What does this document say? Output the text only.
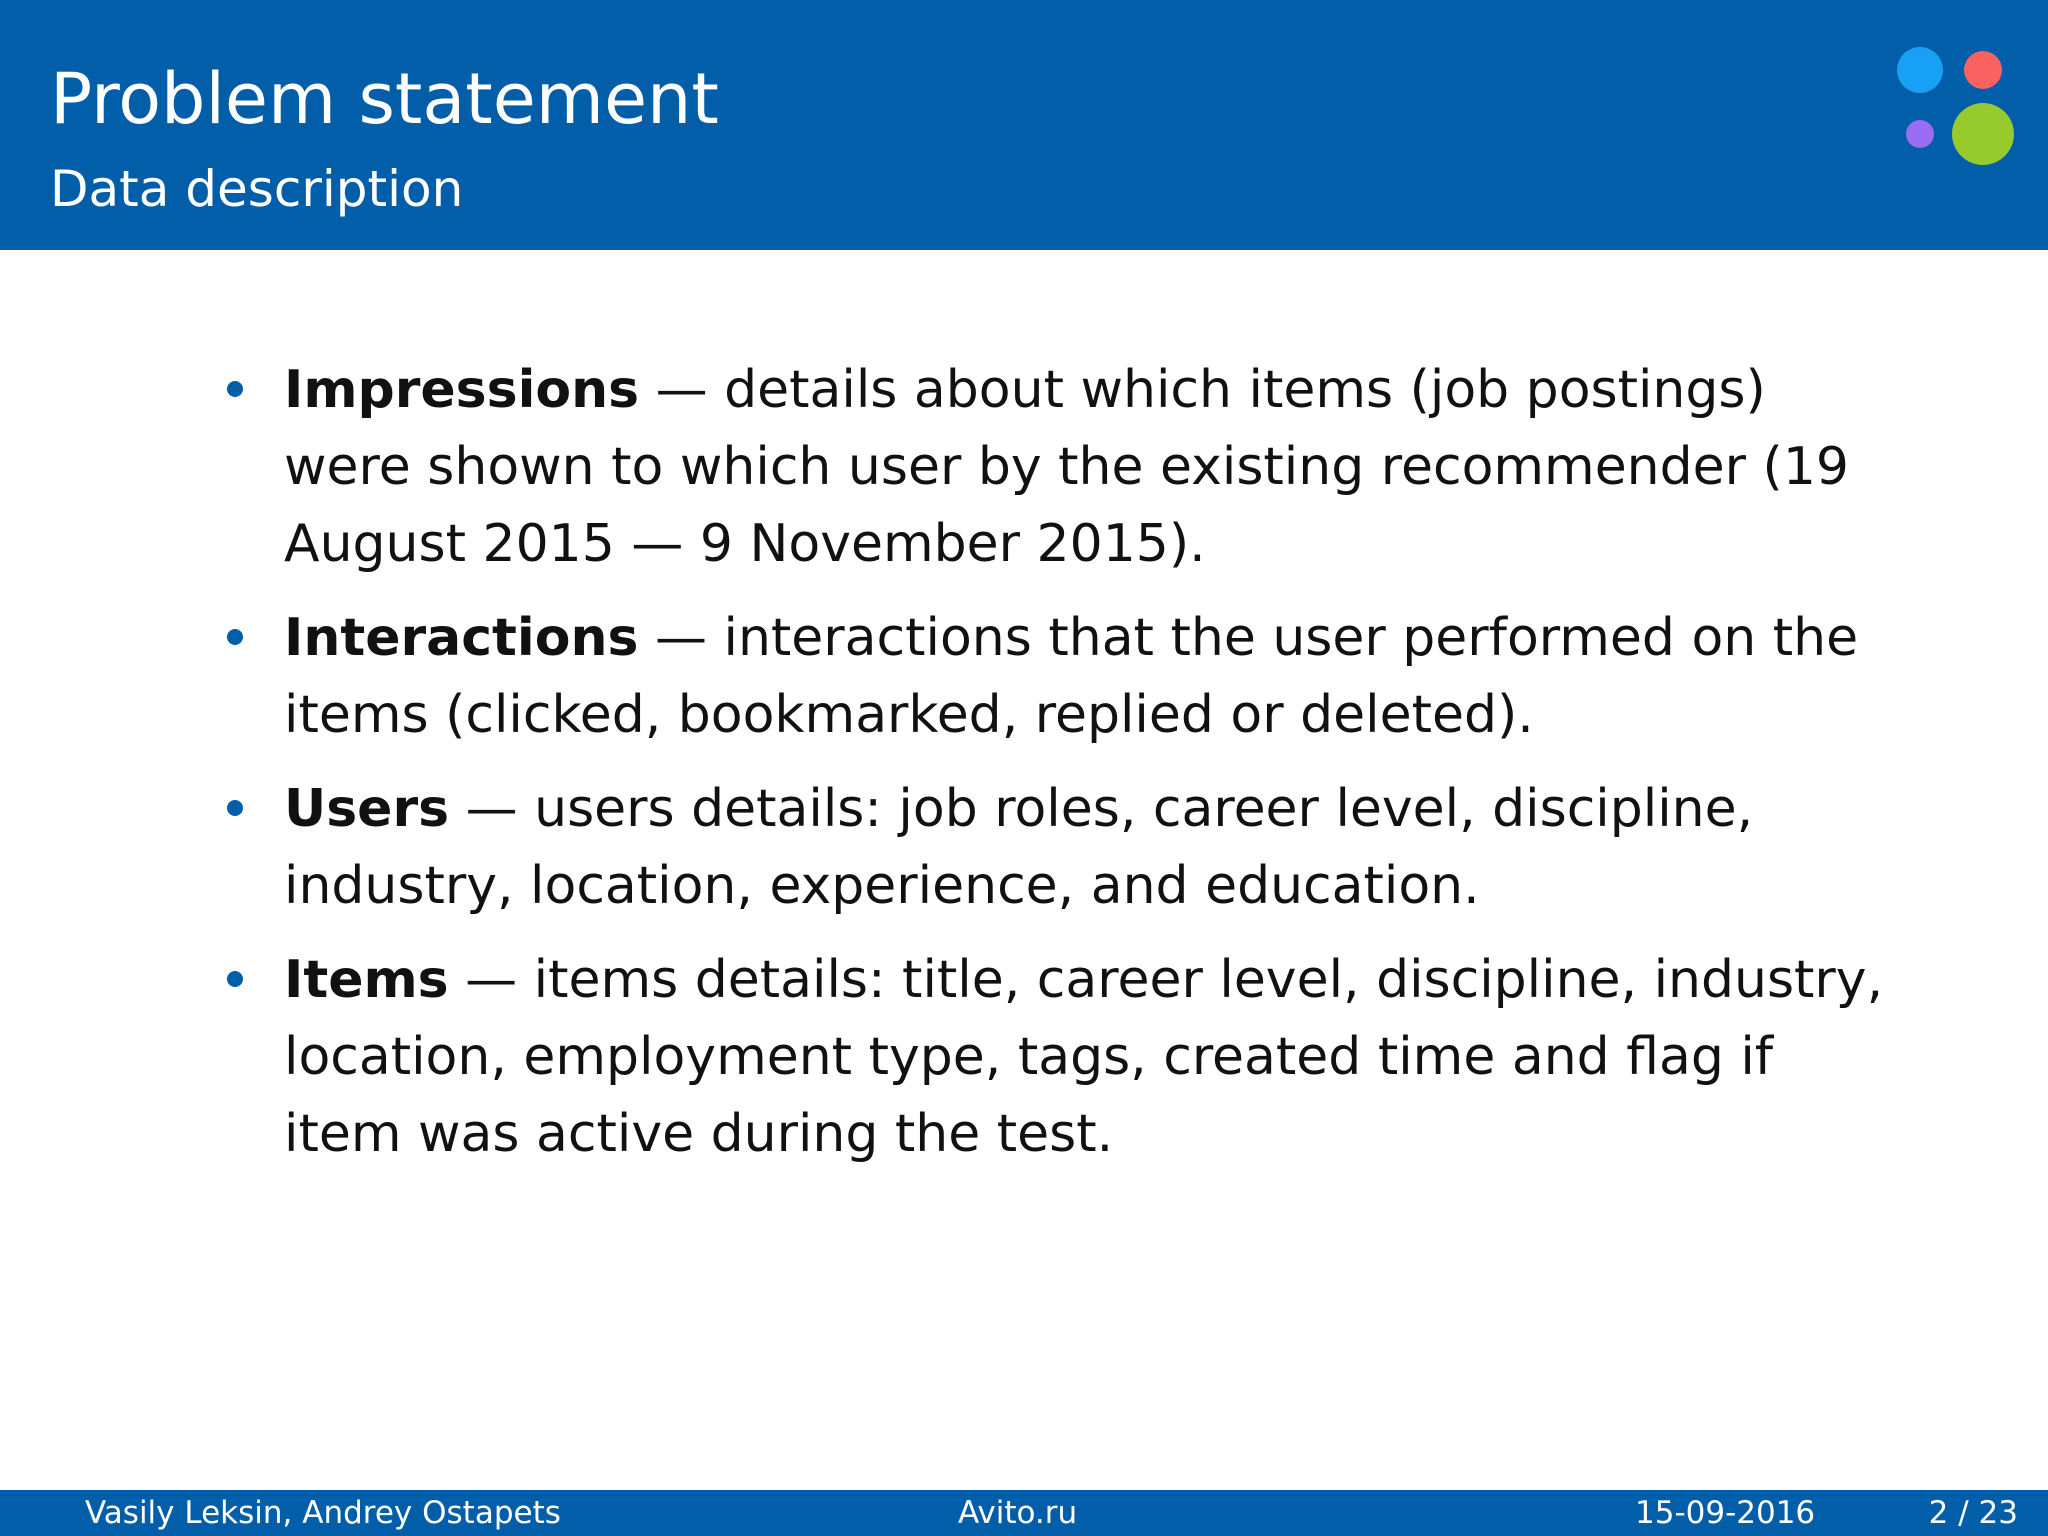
Problem statement
Data description
Impressions — details about which items (job postings) were shown to which user by the existing recommender (19 August 2015 — 9 November 2015).
Interactions — interactions that the user performed on the items (clicked, bookmarked, replied or deleted).
Users — users details: job roles, career level, discipline, industry, location, experience, and education.
Items — items details: title, career level, discipline, industry, location, employment type, tags, created time and flag if item was active during the test.
Vasily Leksin, Andrey Ostapets	Avito.ru	15-09-2016	2 / 23
